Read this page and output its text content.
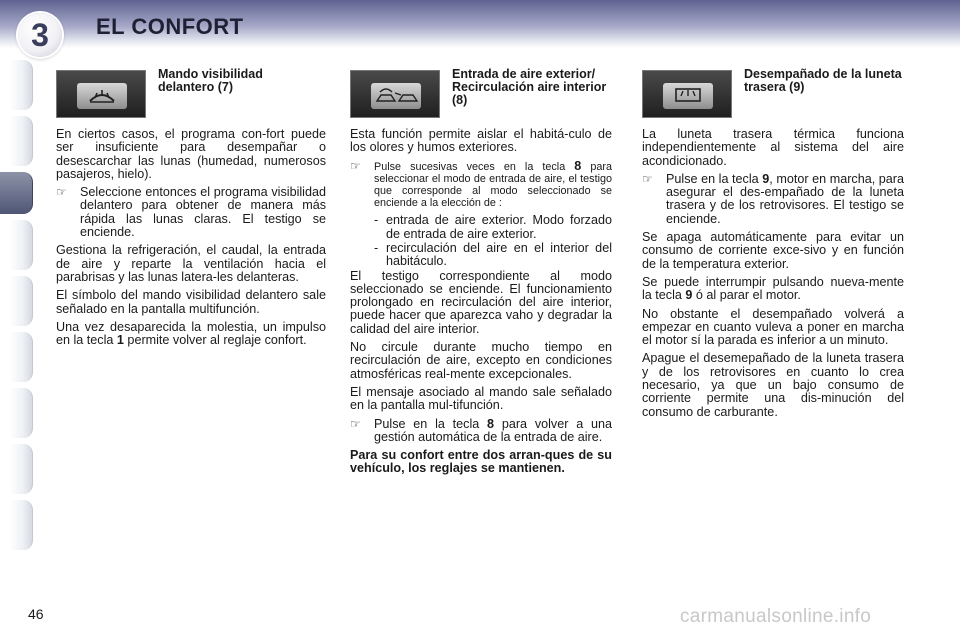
3 EL CONFORT
Mando visibilidad delantero (7)

En ciertos casos, el programa con-fort puede ser insuficiente para desempañar o desescarchar las lunas (humedad, numerosos pasajeros, hielo).

☞	Seleccione entonces el programa visibilidad delantero para obtener de manera más rápida las lunas claras. El testigo se enciende.

Gestiona la refrigeración, el caudal, la entrada de aire y reparte la ventilación hacia el parabrisas y las lunas latera-les delanteras.

El símbolo del mando visibilidad delantero sale señalado en la pantalla multifunción.

Una vez desaparecida la molestia, un impulso en la tecla 1 permite volver al reglaje confort.

Entrada de aire exterior/ Recirculación aire interior (8)

Esta función permite aislar el habitá-culo de los olores y humos exteriores.

☞	Pulse sucesivas veces en la tecla 8 para seleccionar el modo de entrada de aire, el testigo que corresponde al modo seleccionado se enciende a la elección de :
- entrada de aire exterior. Modo forzado de entrada de aire exterior.
- recirculación del aire en el interior del habitáculo.

El testigo correspondiente al modo seleccionado se enciende. El funcionamiento prolongado en recirculación del aire interior, puede hacer que aparezca vaho y degradar la calidad del aire interior.

No circule durante mucho tiempo en recirculación de aire, excepto en condiciones atmosféricas real-mente excepcionales.

El mensaje asociado al mando sale señalado en la pantalla mul-tifunción.

☞	Pulse en la tecla 8 para volver a una gestión automática de la entrada de aire.

Para su confort entre dos arran-ques de su vehículo, los reglajes se mantienen.

Desempañado de la luneta trasera (9)

La luneta trasera térmica funciona independientemente al sistema del aire acondicionado.

☞	Pulse en la tecla 9, motor en marcha, para asegurar el des-empañado de la luneta trasera y de los retrovisores. El testigo se enciende.

Se apaga automáticamente para evitar un consumo de corriente exce-sivo y en función de la temperatura exterior.

Se puede interrumpir pulsando nueva-mente la tecla 9 ó al parar el motor.

No obstante el desempañado volverá a empezar en cuanto vuleva a poner en marcha el motor sí la parada es inferior a un minuto.

Apague el desemepañado de la luneta trasera y de los retrovisores en cuanto lo crea necesario, ya que un bajo consumo de corriente permite una dis-minución del consumo de carburante.

46	carmanualsonline.info
